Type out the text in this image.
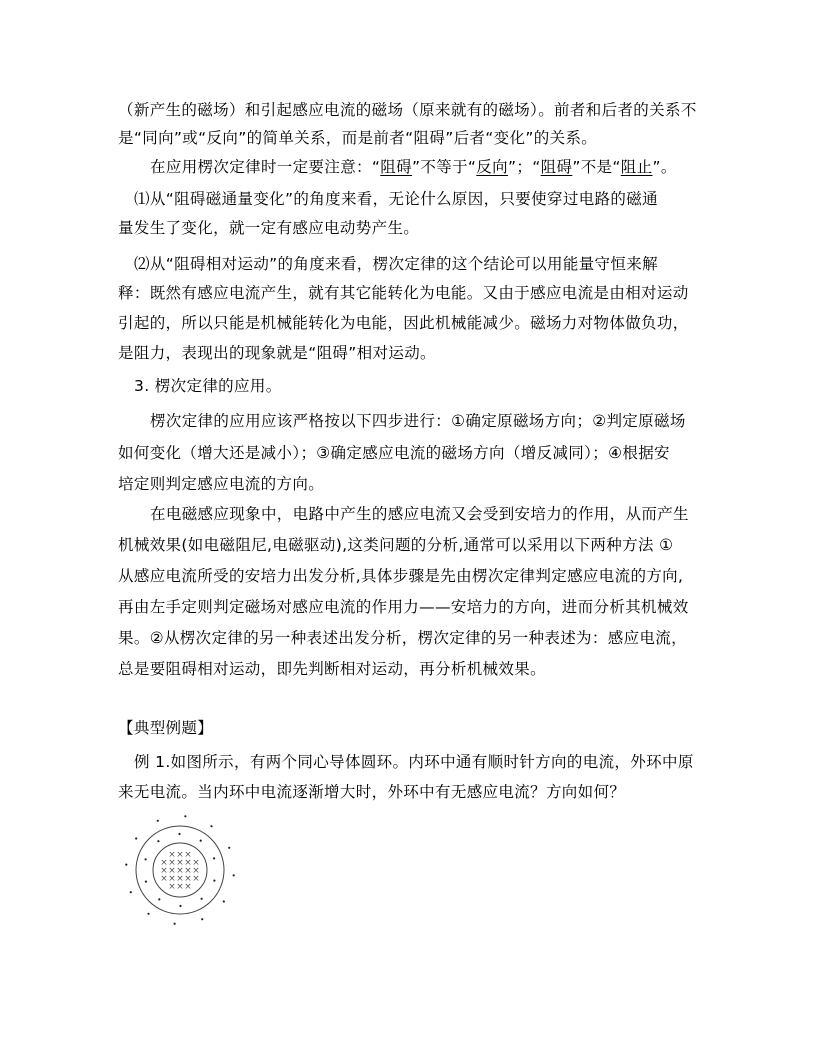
（新产生的磁场）和引起感应电流的磁场（原来就有的磁场）。前者和后者的关系不
是“同向”或“反向”的简单关系，而是前者“阻碍”后者“变化”的关系。
在应用楞次定律时一定要注意：“阻碍”不等于“反向”；“阻碍”不是“阻止”。
⑴从“阻碍磁通量变化”的角度来看，无论什么原因，只要使穿过电路的磁通
量发生了变化，就一定有感应电动势产生。
⑵从“阻碍相对运动”的角度来看，楞次定律的这个结论可以用能量守恒来解
释：既然有感应电流产生，就有其它能转化为电能。又由于感应电流是由相对运动
引起的，所以只能是机械能转化为电能，因此机械能减少。磁场力对物体做负功，
是阻力，表现出的现象就是“阻碍”相对运动。
3. 楞次定律的应用。
楞次定律的应用应该严格按以下四步进行：①确定原磁场方向；②判定原磁场
如何变化（增大还是减小）；③确定感应电流的磁场方向（增反减同）；④根据安
培定则判定感应电流的方向。
在电磁感应现象中，电路中产生的感应电流又会受到安培力的作用，从而产生
机械效果(如电磁阻尼,电磁驱动),这类问题的分析,通常可以采用以下两种方法 ①
从感应电流所受的安培力出发分析,具体步骤是先由楞次定律判定感应电流的方向,
再由左手定则判定磁场对感应电流的作用力——安培力的方向，进而分析其机械效
果。②从楞次定律的另一种表述出发分析，楞次定律的另一种表述为：感应电流，
总是要阻碍相对运动，即先判断相对运动，再分析机械效果。
【典型例题】
例 1.如图所示，有两个同心导体圆环。内环中通有顺时针方向的电流，外环中原
来无电流。当内环中电流逐渐增大时，外环中有无感应电流？方向如何？
× × ×
× × × × ×
× × × × ×
× × × × ×
× × ×
